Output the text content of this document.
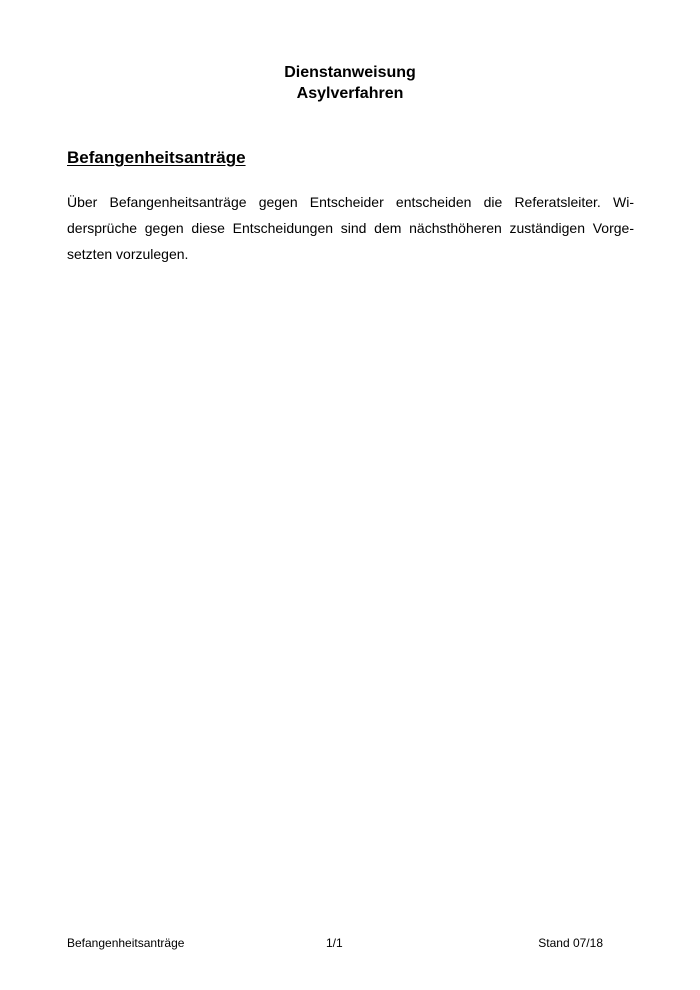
Dienstanweisung
Asylverfahren
Befangenheitsanträge

Über Befangenheitsanträge gegen Entscheider entscheiden die Referatsleiter. Widersprüche gegen diese Entscheidungen sind dem nächsthöheren zuständigen Vorgesetzten vorzulegen.

Befangenheitsanträge	1/1	Stand 07/18
